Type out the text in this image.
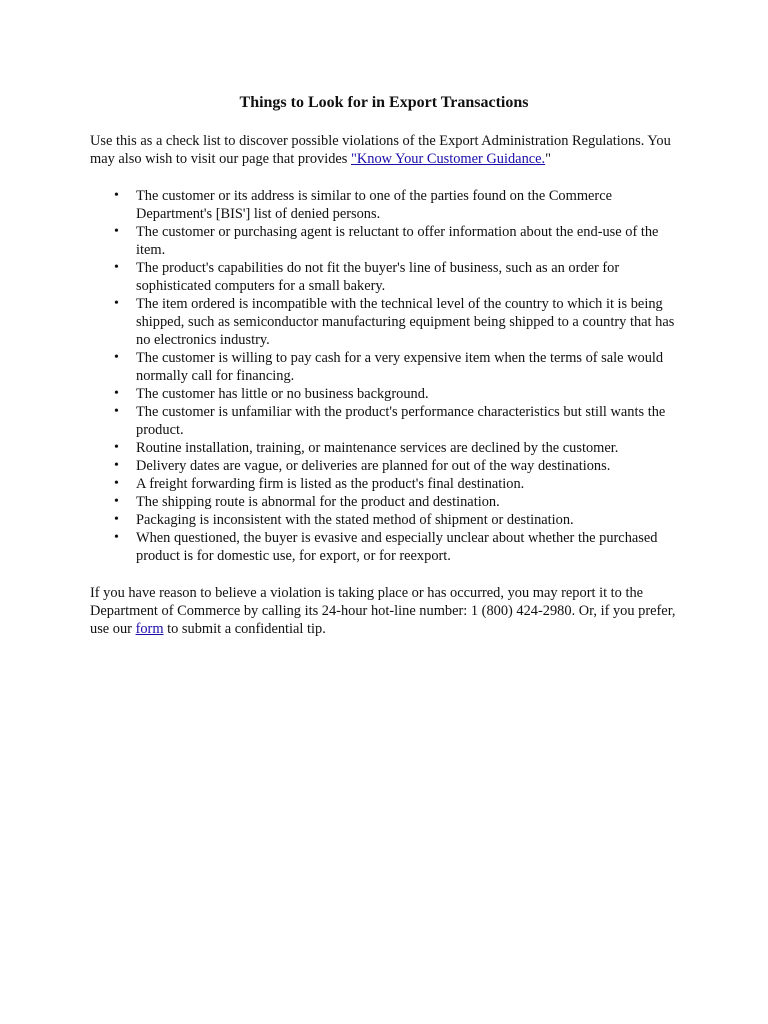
Things to Look for in Export Transactions

Use this as a check list to discover possible violations of the Export Administration Regulations. You may also wish to visit our page that provides "Know Your Customer Guidance."

• The customer or its address is similar to one of the parties found on the Commerce Department's [BIS'] list of denied persons.
• The customer or purchasing agent is reluctant to offer information about the end-use of the item.
• The product's capabilities do not fit the buyer's line of business, such as an order for sophisticated computers for a small bakery.
• The item ordered is incompatible with the technical level of the country to which it is being shipped, such as semiconductor manufacturing equipment being shipped to a country that has no electronics industry.
• The customer is willing to pay cash for a very expensive item when the terms of sale would normally call for financing.
• The customer has little or no business background.
• The customer is unfamiliar with the product's performance characteristics but still wants the product.
• Routine installation, training, or maintenance services are declined by the customer.
• Delivery dates are vague, or deliveries are planned for out of the way destinations.
• A freight forwarding firm is listed as the product's final destination.
• The shipping route is abnormal for the product and destination.
• Packaging is inconsistent with the stated method of shipment or destination.
• When questioned, the buyer is evasive and especially unclear about whether the purchased product is for domestic use, for export, or for reexport.

If you have reason to believe a violation is taking place or has occurred, you may report it to the Department of Commerce by calling its 24-hour hot-line number: 1 (800) 424-2980. Or, if you prefer, use our form to submit a confidential tip.
